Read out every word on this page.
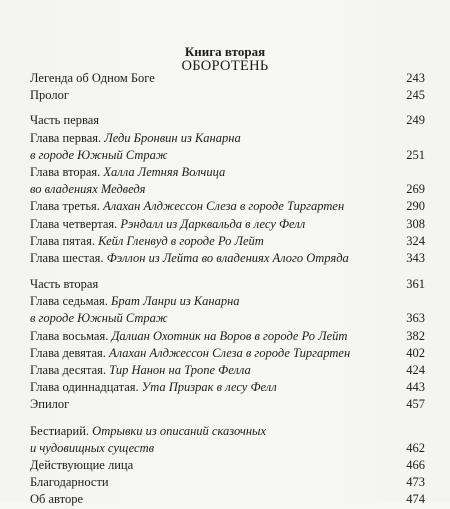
Книга вторая
ОБОРОТЕНЬ
Легенда об Одном Боге	243
Пролог	245
Часть первая	249
Глава первая. Леди Бронвин из Канарна
в городе Южный Страж	251
Глава вторая. Халла Летняя Волчица
во владениях Медведя	269
Глава третья. Алахан Алджессон Слеза в городе Тиргартен	290
Глава четвертая. Рэндалл из Дарквальда в лесу Фелл	308
Глава пятая. Кейл Гленвуд в городе Ро Лейт	324
Глава шестая. Фэллон из Лейта во владениях Алого Отряда	343
Часть вторая	361
Глава седьмая. Брат Ланри из Канарна
в городе Южный Страж	363
Глава восьмая. Далиан Охотник на Воров в городе Ро Лейт	382
Глава девятая. Алахан Алджессон Слеза в городе Тиргартен	402
Глава десятая. Тир Нанон на Тропе Фелла	424
Глава одиннадцатая. Ута Призрак в лесу Фелл	443
Эпилог	457
Бестиарий. Отрывки из описаний сказочных
и чудовищных существ	462
Действующие лица	466
Благодарности	473
Об авторе	474
